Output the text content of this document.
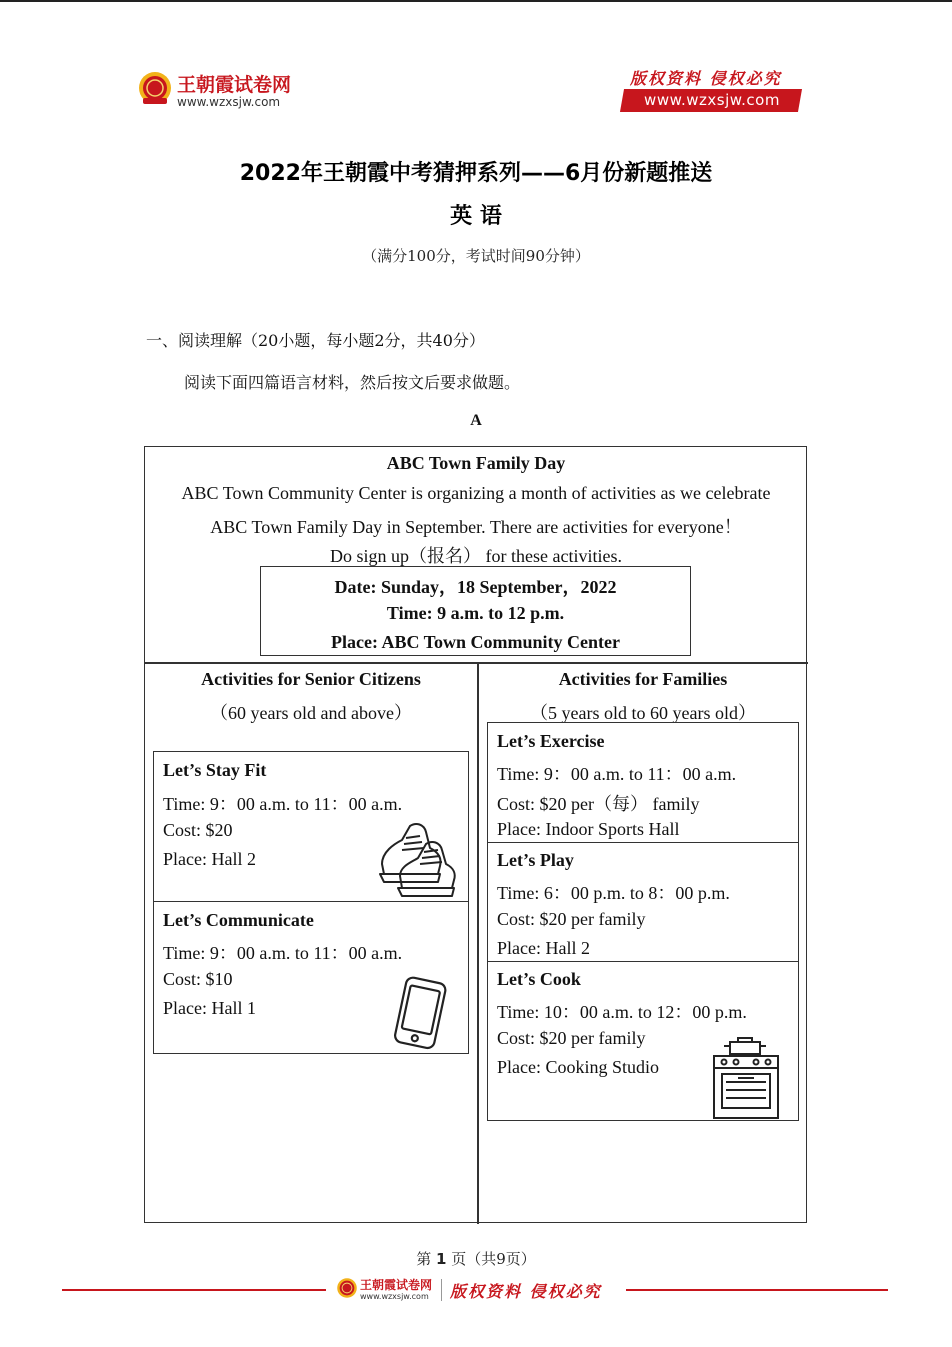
王朝霞试卷网
www.wzxsjw.com
版权资料 侵权必究
www.wzxsjw.com
2022年王朝霞中考猜押系列——6月份新题推送
英 语
（满分100分，考试时间90分钟）
一、阅读理解（20小题，每小题2分，共40分）
阅读下面四篇语言材料，然后按文后要求做题。
A
ABC Town Family Day
ABC Town Community Center is organizing a month of activities as we celebrate
ABC Town Family Day in September. There are activities for everyone！
Do sign up（报名） for these activities.
Date: Sunday，18 September，2022
Time: 9 a.m. to 12 p.m.
Place: ABC Town Community Center
Activities for Senior Citizens
（60 years old and above）
Activities for Families
（5 years old to 60 years old）
Let’s Stay Fit
Time: 9：00 a.m. to 11：00 a.m.
Cost: $20
Place: Hall 2
Let’s Communicate
Time: 9：00 a.m. to 11：00 a.m.
Cost: $10
Place: Hall 1
Let’s Exercise
Time: 9：00 a.m. to 11：00 a.m.
Cost: $20 per（每） family
Place: Indoor Sports Hall
Let’s Play
Time: 6：00 p.m. to 8：00 p.m.
Cost: $20 per family
Place: Hall 2
Let’s Cook
Time: 10：00 a.m. to 12：00 p.m.
Cost: $20 per family
Place: Cooking Studio
第 1 页（共9页）
王朝霞试卷网
www.wzxsjw.com 版权资料 侵权必究
